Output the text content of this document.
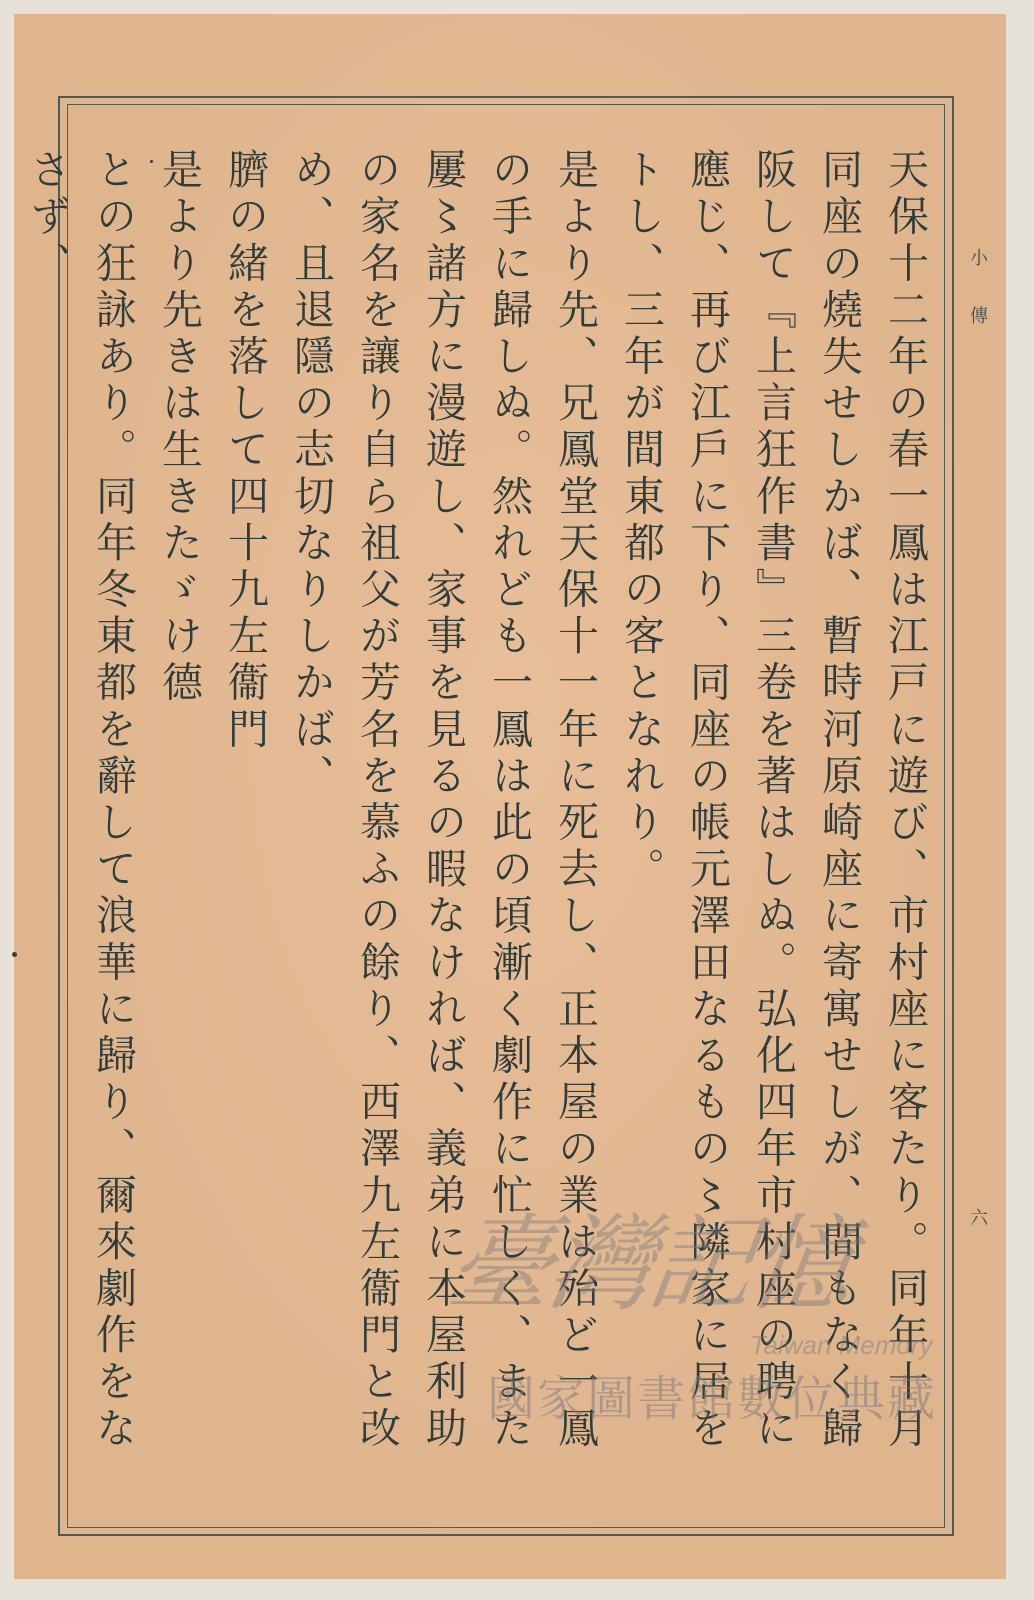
小傳
六

天保十二年の春一鳳は江戸に遊び、市村座に客たり。同年十月同座の燒失せしかば、暫時河原崎座に寄寓せしが、間もなく歸阪して『上言狂作書』三卷を著はしぬ。弘化四年市村座の聘に應じ、再び江戶に下り、同座の帳元澤田なるもの〻隣家に居をトし、三年が間東都の客となれり。

是より先、兄鳳堂天保十一年に死去し、正本屋の業は殆ど一鳳の手に歸しぬ。然れども一鳳は此の頃漸く劇作に忙しく、また屢〻諸方に漫遊し、家事を見るの暇なければ、義弟に本屋利助の家名を讓り自ら祖父が芳名を慕ふの餘り、西澤九左衞門と改め、且退隱の志切なりしかば、

臍の緒を落して四十九左衞門

是より先きは生きたゞけ德

との狂詠あり。同年冬東都を辭して浪華に歸り、爾來劇作をなさず、

臺灣記憶
Taiwan Memory
國家圖書館數位典藏
